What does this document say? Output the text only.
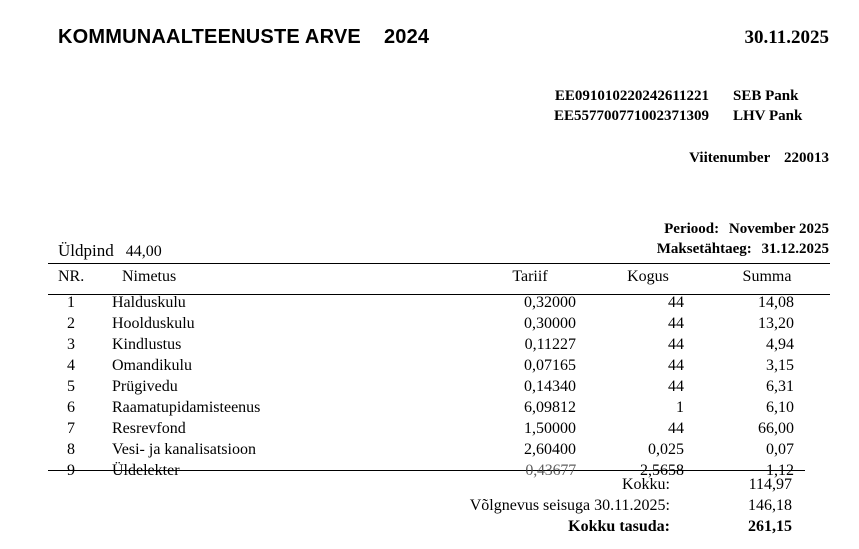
KOMMUNAALTEENUSTE ARVE    2024	30.11.2025
EE091010220242611221	SEB Pank
EE557700771002371309	LHV Pank
Viitenumber 220013
Periood: November 2025
Maksetähtaeg: 31.12.2025
Üldpind 44,00
NR.	Nimetus	Tariif	Kogus	Summa
1	Halduskulu	0,32000	44	14,08
2	Hoolduskulu	0,30000	44	13,20
3	Kindlustus	0,11227	44	4,94
4	Omandikulu	0,07165	44	3,15
5	Prügivedu	0,14340	44	6,31
6	Raamatupidamisteenus	6,09812	1	6,10
7	Resrevfond	1,50000	44	66,00
8	Vesi- ja kanalisatsioon	2,60400	0,025	0,07
9	Üldelekter	0,43677	2,5658	1,12
Kokku:	114,97
Võlgnevus seisuga 30.11.2025:	146,18
Kokku tasuda:	261,15
